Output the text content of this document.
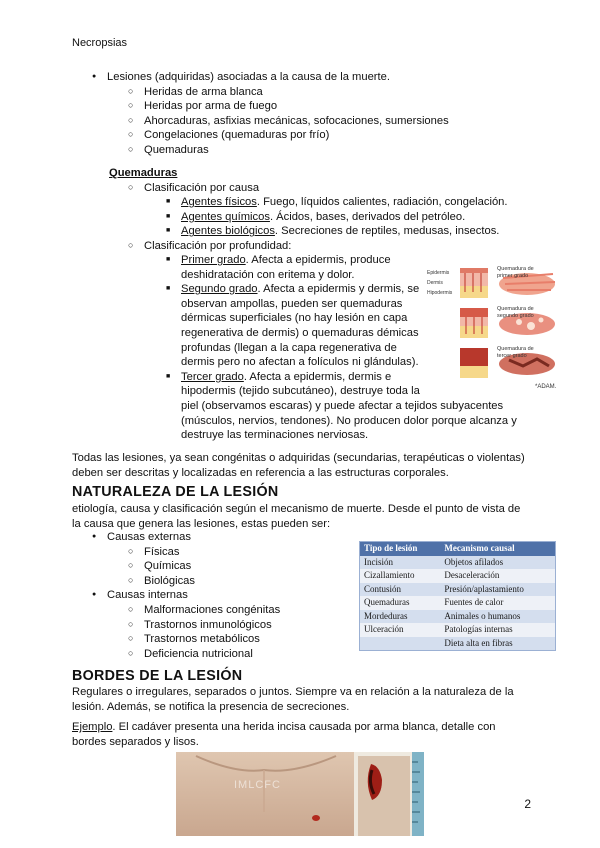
Necropsias
● Lesiones (adquiridas) asociadas a la causa de la muerte.
○ Heridas de arma blanca
○ Heridas por arma de fuego
○ Ahorcaduras, asfixias mecánicas, sofocaciones, sumersiones
○ Congelaciones (quemaduras por frío)
○ Quemaduras
Quemaduras
○ Clasificación por causa
■ Agentes físicos. Fuego, líquidos calientes, radiación, congelación.
■ Agentes químicos. Ácidos, bases, derivados del petróleo.
■ Agentes biológicos. Secreciones de reptiles, medusas, insectos.
○ Clasificación por profundidad:
■ Primer grado. Afecta a epidermis, produce
deshidratación con eritema y dolor.
■ Segundo grado. Afecta a epidermis y dermis, se
observan ampollas, pueden ser quemaduras
dérmicas superficiales (no hay lesión en capa
regenerativa de dermis) o quemaduras démicas
profundas (llegan a la capa regenerativa de
dermis pero no afectan a folículos ni glándulas).
■ Tercer grado. Afecta a epidermis, dermis e
hipodermis (tejido subcutáneo), destruye toda la
piel (observamos escaras) y puede afectar a tejidos subyacentes
(músculos, nervios, tendones). No producen dolor porque alcanza y
destruye las terminaciones nerviosas.
Epidermis
Dermis
Hipodermis
Quemadura de primer grado
Quemadura de segundo grado
Quemadura de tercer grado
*ADAM.
Todas las lesiones, ya sean congénitas o adquiridas (secundarias, terapéuticas o violentas) deben ser descritas y localizadas en referencia a las estructuras corporales.
NATURALEZA DE LA LESIÓN
etiología, causa y clasificación según el mecanismo de muerte. Desde el punto de vista de la causa que genera las lesiones, estas pueden ser:
● Causas externas
○ Físicas
○ Químicas
○ Biológicas
● Causas internas
○ Malformaciones congénitas
○ Trastornos inmunológicos
○ Trastornos metabólicos
○ Deficiencia nutricional
Tipo de lesión	Mecanismo causal
Incisión	Objetos afilados
Cizallamiento	Desaceleración
Contusión	Presión/aplastamiento
Quemaduras	Fuentes de calor
Mordeduras	Animales o humanos
Ulceración	Patologías internas
	Dieta alta en fibras
BORDES DE LA LESIÓN
Regulares o irregulares, separados o juntos. Siempre va en relación a la naturaleza de la lesión. Además, se notifica la presencia de secreciones.
Ejemplo. El cadáver presenta una herida incisa causada por arma blanca, detalle con bordes separados y lisos.
IMLCFC
2
